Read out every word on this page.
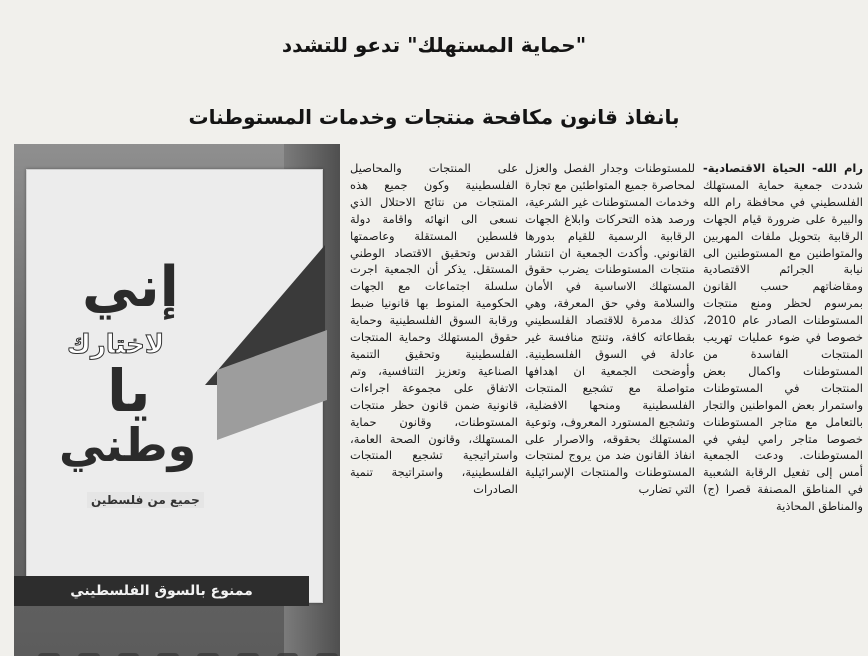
"حماية المستهلك" تدعو للتشدد
بانفاذ قانون مكافحة منتجات وخدمات المستوطنات
إني
لاختارك
يا
وطني
جميع من فلسطين
ممنوع بالسوق الفلسطيني

رام الله- الحياة الاقتصادية- شددت جمعية حماية المستهلك الفلسطيني في محافظة رام الله والبيرة على ضرورة قيام الجهات الرقابية بتحويل ملفات المهربين والمتواطنين مع المستوطنين الى نيابة الجرائم الاقتصادية ومقاضاتهم حسب القانون بمرسوم لحظر ومنع منتجات المستوطنات الصادر عام 2010، خصوصا في ضوء عمليات تهريب المنتجات الفاسدة من المستوطنات واكمال بعض المنتجات في المستوطنات واستمرار بعض المواطنين والتجار بالتعامل مع متاجر المستوطنات خصوصا متاجر رامي ليفي في المستوطنات. ودعت الجمعية أمس إلى تفعيل الرقابة الشعبية في المناطق المصنفة قصرا (ج) والمناطق المحاذية

للمستوطنات وجدار الفصل والعزل لمحاصرة جميع المتواطئين مع تجارة وخدمات المستوطنات غير الشرعية، ورصد هذه التحركات وابلاغ الجهات الرقابية الرسمية للقيام بدورها القانوني. وأكدت الجمعية ان انتشار منتجات المستوطنات يضرب حقوق المستهلك الاساسية في الأمان والسلامة وفي حق المعرفة، وهي كذلك مدمرة للاقتصاد الفلسطيني بقطاعاته كافة، وتنتج منافسة غير عادلة في السوق الفلسطينية. وأوضحت الجمعية ان اهدافها متواصلة مع تشجيع المنتجات الفلسطينية ومنحها الافضلية، وتشجيع المستورد المعروف، وتوعية المستهلك بحقوقه، والاصرار على انفاذ القانون ضد من يروج لمنتجات المستوطنات والمنتجات الإسرائيلية التي تضارب

على المنتجات والمحاصيل الفلسطينية وكون جميع هذه المنتجات من نتائج الاحتلال الذي نسعى الى انهائه واقامة دولة فلسطين المستقلة وعاصمتها القدس وتحقيق الاقتصاد الوطني المستقل. يذكر أن الجمعية اجرت سلسلة اجتماعات مع الجهات الحكومية المنوط بها قانونيا ضبط ورقابة السوق الفلسطينية وحماية حقوق المستهلك وحماية المنتجات الفلسطينية وتحقيق التنمية الصناعية وتعزيز التنافسية، وتم الاتفاق على مجموعة اجراءات قانونية ضمن قانون حظر منتجات المستوطنات، وقانون حماية المستهلك، وقانون الصحة العامة، واستراتيجية تشجيع المنتجات الفلسطينية، واستراتيجة تنمية الصادرات
